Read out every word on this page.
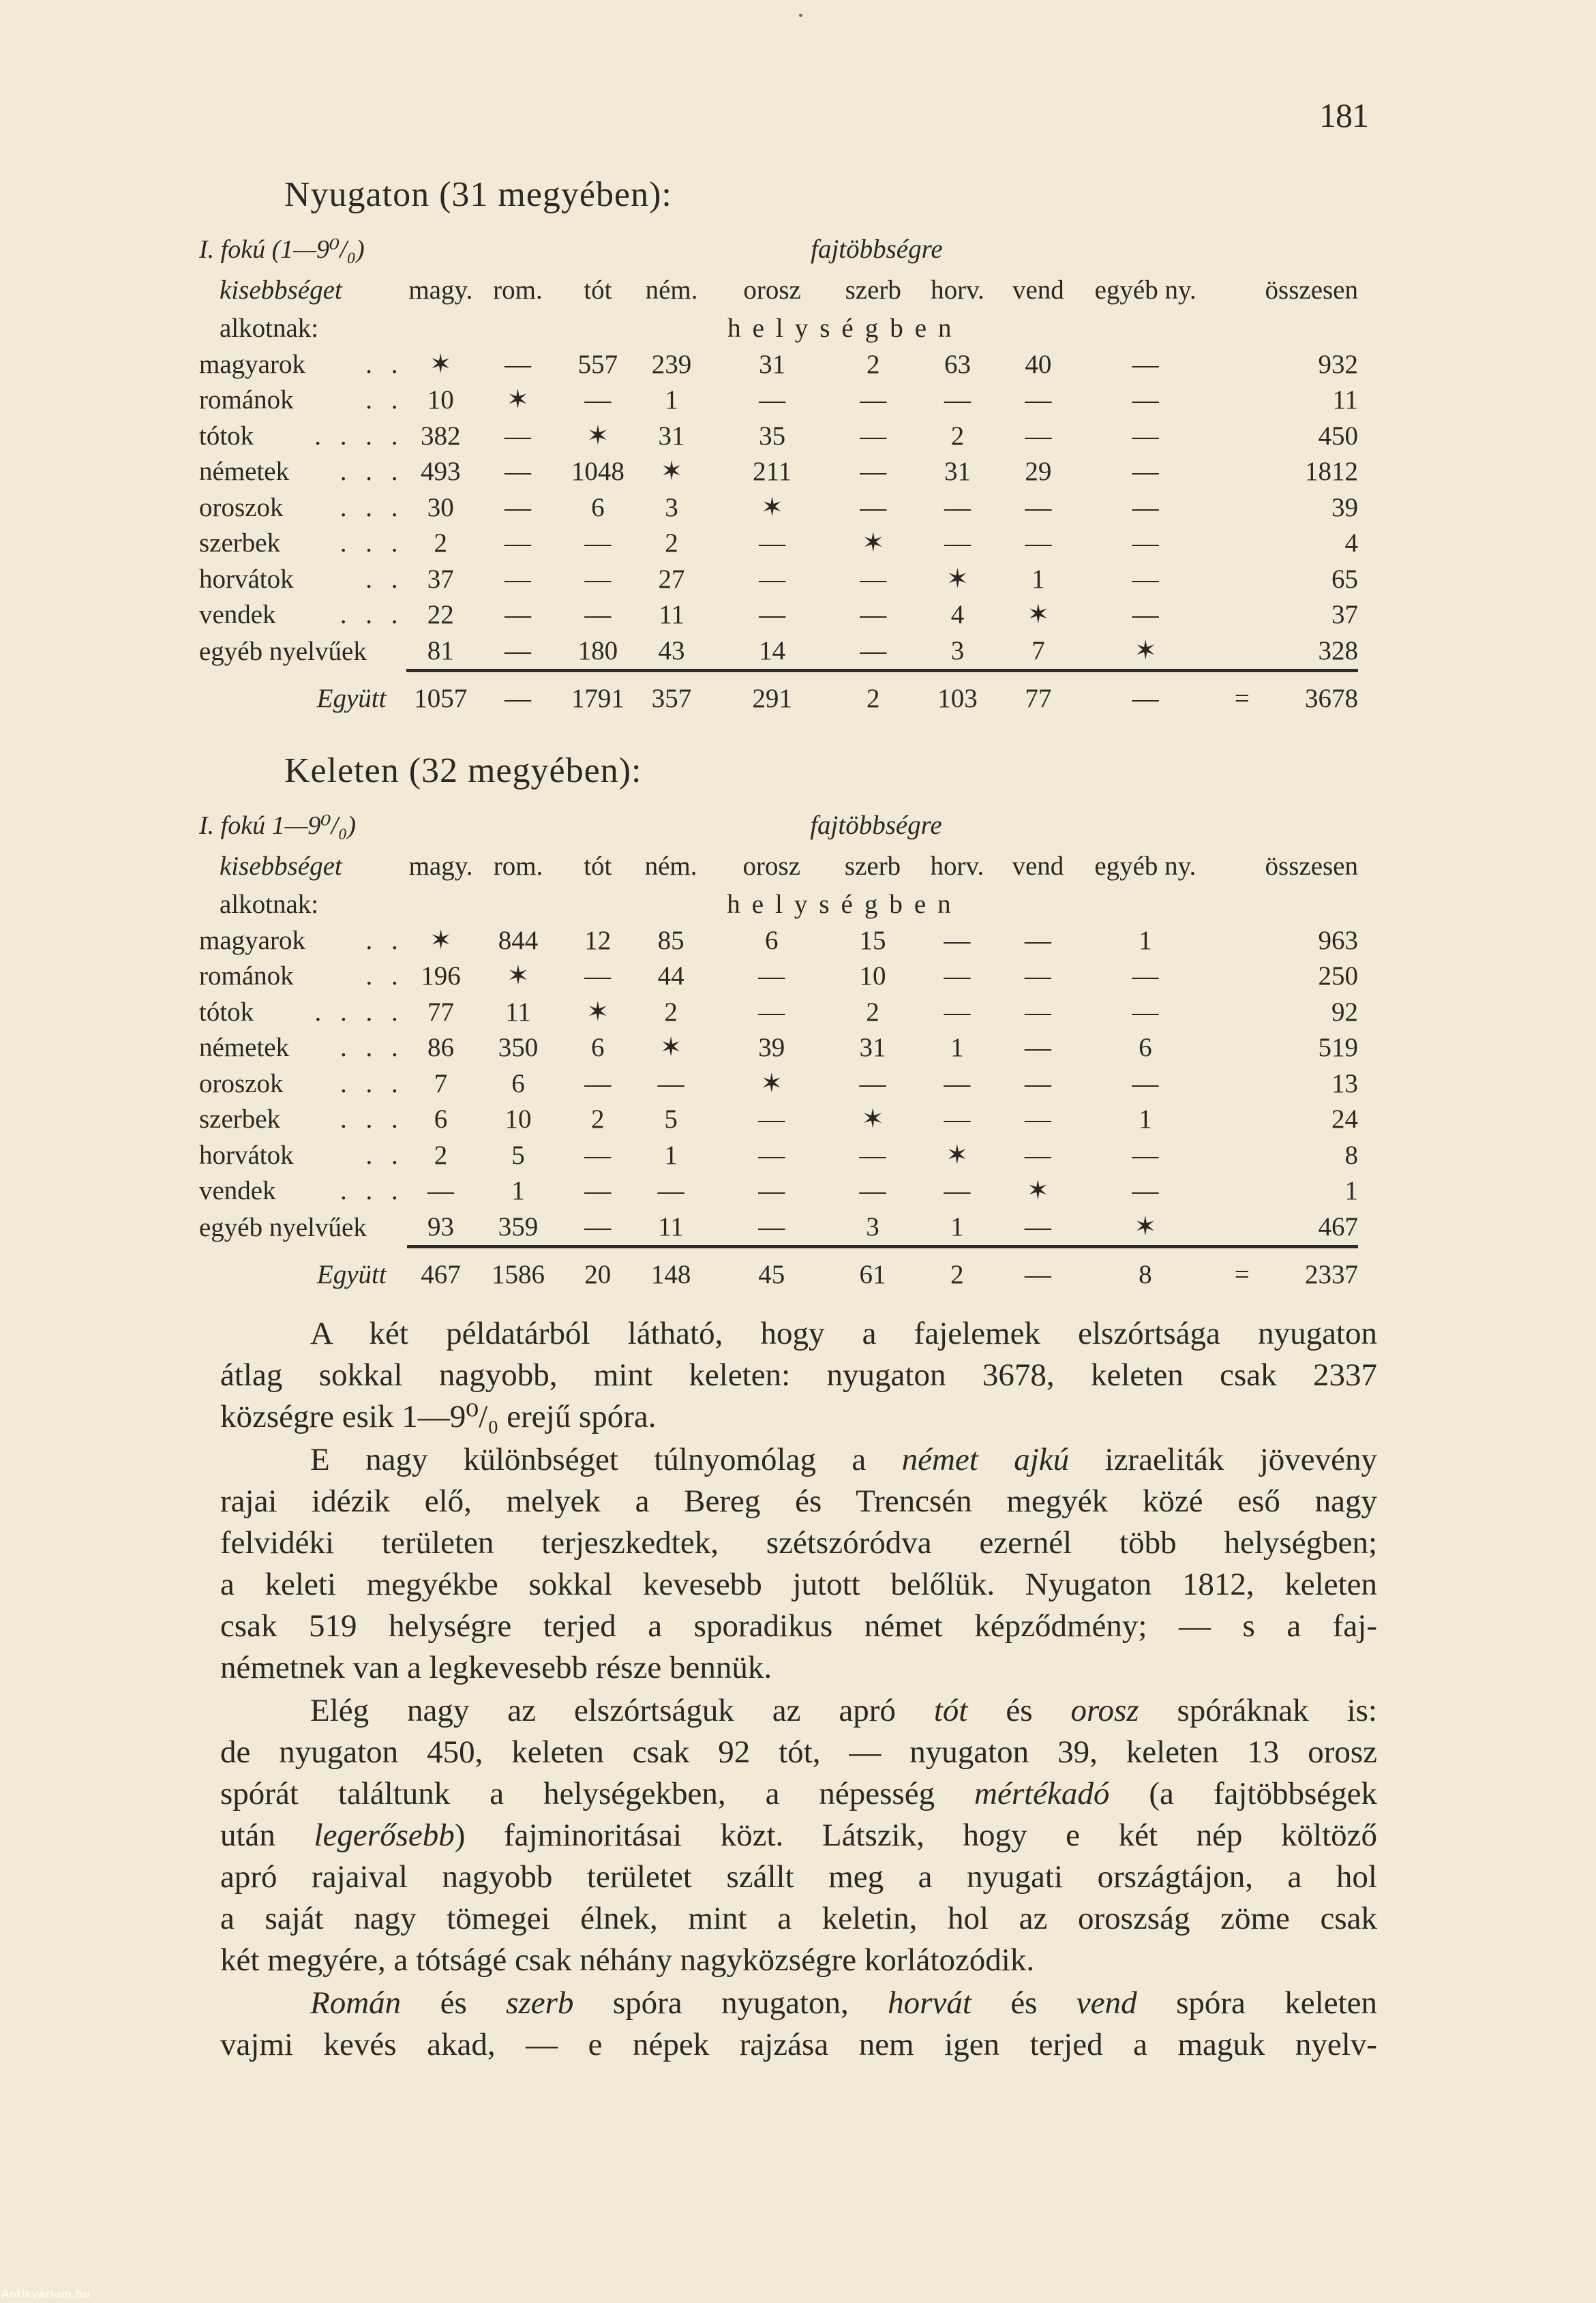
181
Nyugaton (31 megyében):
I. fokú (1—9⁰/₀)					fajtöbbségre						
kisebbséget	magy.	rom.	tót	ném.	orosz	szerb	horv.	vend	egyéb ny.		összesen
alkotnak:					helységben						
magyarok . .	✶	—	557	239	31	2	63	40	—		932
románok . .	10	✶	—	1	—	—	—	—	—		11
tótok . . . .	382	—	✶	31	35	—	2	—	—		450
németek . . .	493	—	1048	✶	211	—	31	29	—		1812
oroszok . . .	30	—	6	3	✶	—	—	—	—		39
szerbek . . .	2	—	—	2	—	✶	—	—	—		4
horvátok . .	37	—	—	27	—	—	✶	1	—		65
vendek . . .	22	—	—	11	—	—	4	✶	—		37
egyéb nyelvűek	81	—	180	43	14	—	3	7	✶		328

Együtt	1057	—	1791	357	291	2	103	77	—	=	3678
Keleten (32 megyében):
I. fokú 1—9⁰/₀)					fajtöbbségre						
kisebbséget	magy.	rom.	tót	ném.	orosz	szerb	horv.	vend	egyéb ny.		összesen
alkotnak:					helységben						
magyarok . .	✶	844	12	85	6	15	—	—	1		963
románok . .	196	✶	—	44	—	10	—	—	—		250
tótok . . . .	77	11	✶	2	—	2	—	—	—		92
németek . . .	86	350	6	✶	39	31	1	—	6		519
oroszok . . .	7	6	—	—	✶	—	—	—	—		13
szerbek . . .	6	10	2	5	—	✶	—	—	1		24
horvátok . .	2	5	—	1	—	—	✶	—	—		8
vendek . . .	—	1	—	—	—	—	—	✶	—		1
egyéb nyelvűek	93	359	—	11	—	3	1	—	✶		467

Együtt	467	1586	20	148	45	61	2	—	8	=	2337
A két példatárból látható, hogy a fajelemek elszórtsága nyugaton
átlag sokkal nagyobb, mint keleten: nyugaton 3678, keleten csak 2337
községre esik 1—9⁰/₀ erejű spóra.
E nagy különbséget túlnyomólag a német ajkú izraeliták jövevény
rajai idézik elő, melyek a Bereg és Trencsén megyék közé eső nagy
felvidéki területen terjeszkedtek, szétszóródva ezernél több helységben;
a keleti megyékbe sokkal kevesebb jutott belőlük. Nyugaton 1812, keleten
csak 519 helységre terjed a sporadikus német képződmény; — s a faj-
németnek van a legkevesebb része bennük.
Elég nagy az elszórtságuk az apró tót és orosz spóráknak is:
de nyugaton 450, keleten csak 92 tót, — nyugaton 39, keleten 13 orosz
spórát találtunk a helységekben, a népesség mértékadó (a fajtöbbségek
után legerősebb) fajminoritásai közt. Látszik, hogy e két nép költöző
apró rajaival nagyobb területet szállt meg a nyugati országtájon, a hol
a saját nagy tömegei élnek, mint a keletin, hol az oroszság zöme csak
két megyére, a tótságé csak néhány nagyközségre korlátozódik.
Román és szerb spóra nyugaton, horvát és vend spóra keleten
vajmi kevés akad, — e népek rajzása nem igen terjed a maguk nyelv-
Antikvárium.hu
